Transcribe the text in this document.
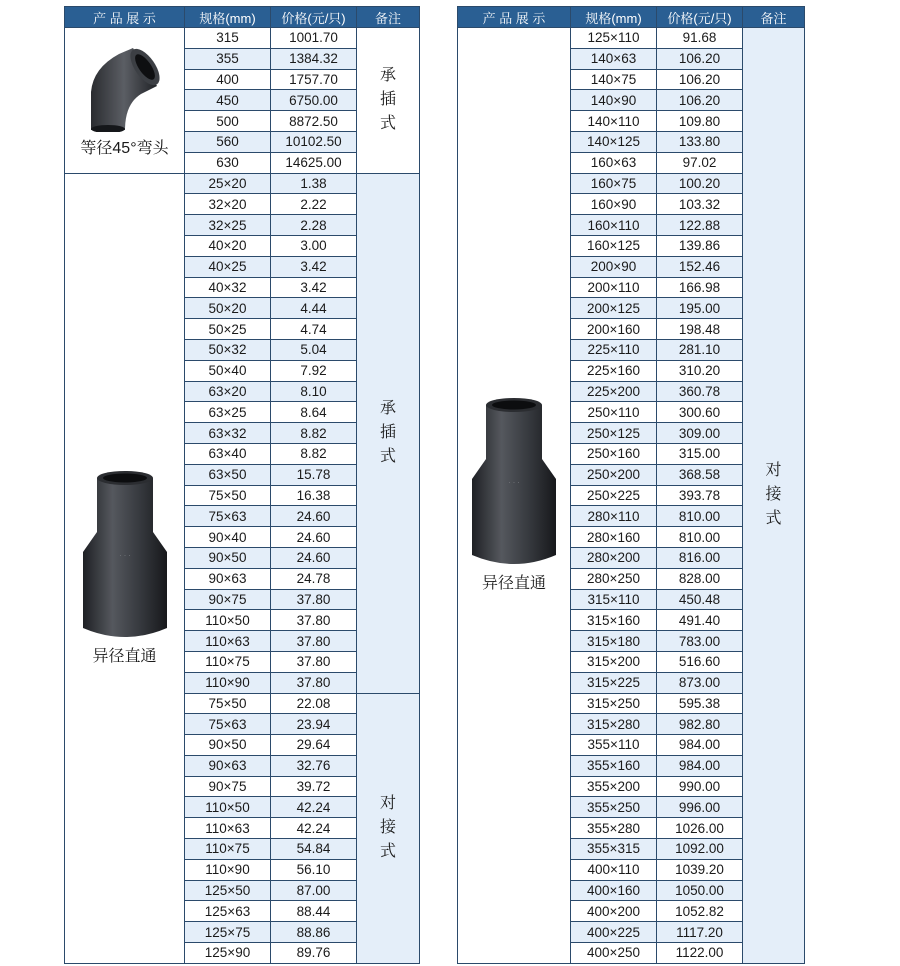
产 品 展 示	规格(mm)	价格(元/只)	备注

等径45°弯头	315	1001.70	承
插
式

	355	1384.32	
	400	1757.70	
	450	6750.00	
	500	8872.50	
	560	10102.50	
	630	14625.00	

· · ·
异径直通	25×20	1.38	承
插
式

	32×20	2.22	
	32×25	2.28	
	40×20	3.00	
	40×25	3.42	
	40×32	3.42	
	50×20	4.44	
	50×25	4.74	
	50×32	5.04	
	50×40	7.92	
	63×20	8.10	
	63×25	8.64	
	63×32	8.82	
	63×40	8.82	
	63×50	15.78	
	75×50	16.38	
	75×63	24.60	
	90×40	24.60	
	90×50	24.60	
	90×63	24.78	
	90×75	37.80	
	110×50	37.80	
	110×63	37.80	
	110×75	37.80	
	110×90	37.80	
	75×50	22.08	对
接
式

	75×63	23.94	
	90×50	29.64	
	90×63	32.76	
	90×75	39.72	
	110×50	42.24	
	110×63	42.24	
	110×75	54.84	
	110×90	56.10	
	125×50	87.00	
	125×63	88.44	
	125×75	88.86	
	125×90	89.76	
产 品 展 示	规格(mm)	价格(元/只)	备注

· · ·
异径直通	125×110	91.68	对
接
式

	140×63	106.20	
	140×75	106.20	
	140×90	106.20	
	140×110	109.80	
	140×125	133.80	
	160×63	97.02	
	160×75	100.20	
	160×90	103.32	
	160×110	122.88	
	160×125	139.86	
	200×90	152.46	
	200×110	166.98	
	200×125	195.00	
	200×160	198.48	
	225×110	281.10	
	225×160	310.20	
	225×200	360.78	
	250×110	300.60	
	250×125	309.00	
	250×160	315.00	
	250×200	368.58	
	250×225	393.78	
	280×110	810.00	
	280×160	810.00	
	280×200	816.00	
	280×250	828.00	
	315×110	450.48	
	315×160	491.40	
	315×180	783.00	
	315×200	516.60	
	315×225	873.00	
	315×250	595.38	
	315×280	982.80	
	355×110	984.00	
	355×160	984.00	
	355×200	990.00	
	355×250	996.00	
	355×280	1026.00	
	355×315	1092.00	
	400×110	1039.20	
	400×160	1050.00	
	400×200	1052.82	
	400×225	1117.20	
	400×250	1122.00	
